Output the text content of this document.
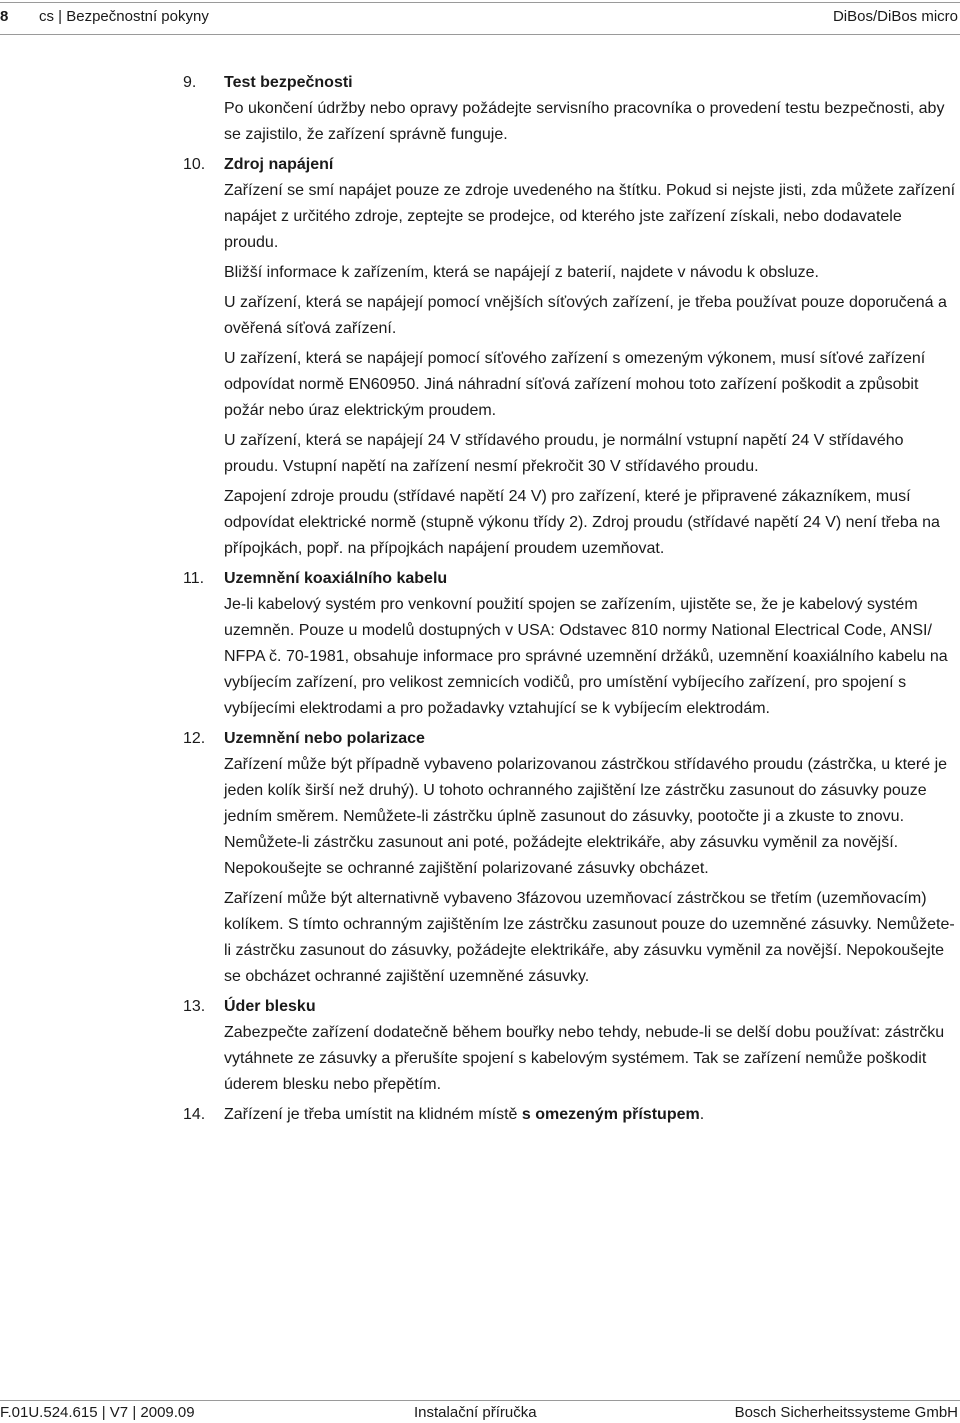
8 cs | Bezpečnostní pokyny	DiBos/DiBos micro
9. Test bezpečnosti
Po ukončení údržby nebo opravy požádejte servisního pracovníka o provedení testu bezpečnosti, aby se zajistilo, že zařízení správně funguje.
10. Zdroj napájení
Zařízení se smí napájet pouze ze zdroje uvedeného na štítku. Pokud si nejste jisti, zda můžete zařízení napájet z určitého zdroje, zeptejte se prodejce, od kterého jste zařízení získali, nebo dodavatele proudu.
Bližší informace k zařízením, která se napájejí z baterií, najdete v návodu k obsluze.
U zařízení, která se napájejí pomocí vnějších síťových zařízení, je třeba používat pouze doporučená a ověřená síťová zařízení.
U zařízení, která se napájejí pomocí síťového zařízení s omezeným výkonem, musí síťové zařízení odpovídat normě EN60950. Jiná náhradní síťová zařízení mohou toto zařízení poškodit a způsobit požár nebo úraz elektrickým proudem.
U zařízení, která se napájejí 24 V střídavého proudu, je normální vstupní napětí 24 V střídavého proudu. Vstupní napětí na zařízení nesmí překročit 30 V střídavého proudu.
Zapojení zdroje proudu (střídavé napětí 24 V) pro zařízení, které je připravené zákazníkem, musí odpovídat elektrické normě (stupně výkonu třídy 2). Zdroj proudu (střídavé napětí 24 V) není třeba na přípojkách, popř. na přípojkách napájení proudem uzemňovat.
11. Uzemnění koaxiálního kabelu
Je-li kabelový systém pro venkovní použití spojen se zařízením, ujistěte se, že je kabelový systém uzemněn. Pouze u modelů dostupných v USA: Odstavec 810 normy National Electrical Code, ANSI/ NFPA č. 70-1981, obsahuje informace pro správné uzemnění držáků, uzemnění koaxiálního kabelu na vybíjecím zařízení, pro velikost zemnicích vodičů, pro umístění vybíjecího zařízení, pro spojení s vybíjecími elektrodami a pro požadavky vztahující se k vybíjecím elektrodám.
12. Uzemnění nebo polarizace
Zařízení může být případně vybaveno polarizovanou zástrčkou střídavého proudu (zástrčka, u které je jeden kolík širší než druhý). U tohoto ochranného zajištění lze zástrčku zasunout do zásuvky pouze jedním směrem. Nemůžete-li zástrčku úplně zasunout do zásuvky, pootočte ji a zkuste to znovu. Nemůžete-li zástrčku zasunout ani poté, požádejte elektrikáře, aby zásuvku vyměnil za novější. Nepokoušejte se ochranné zajištění polarizované zásuvky obcházet.
Zařízení může být alternativně vybaveno 3fázovou uzemňovací zástrčkou se třetím (uzemňovacím) kolíkem. S tímto ochranným zajištěním lze zástrčku zasunout pouze do uzemněné zásuvky. Nemůžete-li zástrčku zasunout do zásuvky, požádejte elektrikáře, aby zásuvku vyměnil za novější. Nepokoušejte se obcházet ochranné zajištění uzemněné zásuvky.
13. Úder blesku
Zabezpečte zařízení dodatečně během bouřky nebo tehdy, nebude-li se delší dobu používat: zástrčku vytáhnete ze zásuvky a přerušíte spojení s kabelovým systémem. Tak se zařízení nemůže poškodit úderem blesku nebo přepětím.
14. Zařízení je třeba umístit na klidném místě s omezeným přístupem.
F.01U.524.615 | V7 | 2009.09	Instalační příručka	Bosch Sicherheitssysteme GmbH
